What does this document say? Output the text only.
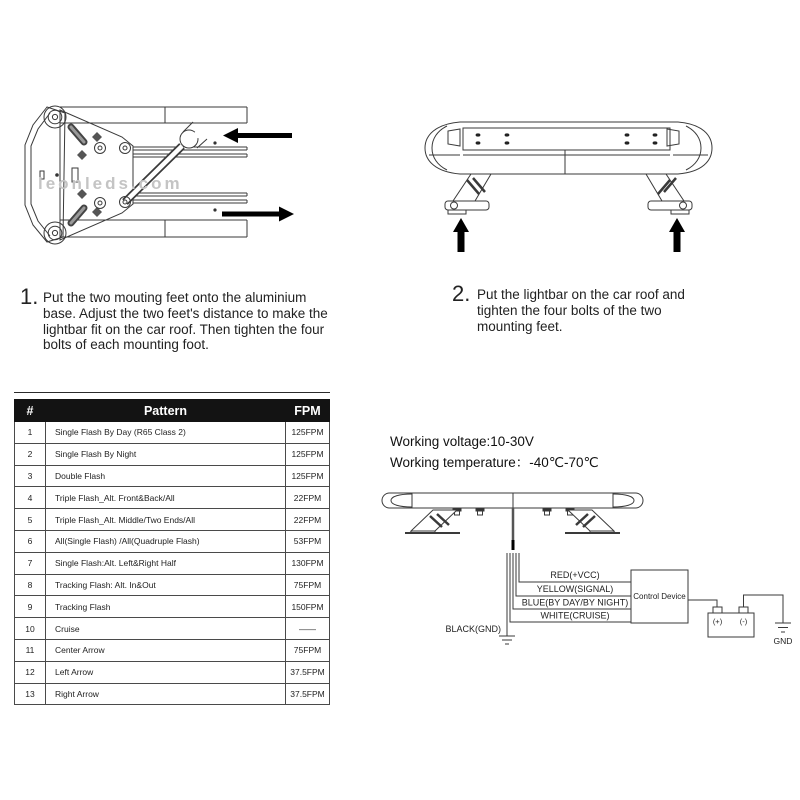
leonleds.com
1. Put the two mouting feet onto the aluminium
base. Adjust the two feet's distance to make the
lightbar fit on the car roof. Then tighten the four
bolts of each mounting foot.
2. Put the lightbar on the car roof and
tighten the four bolts of the two
mounting feet.
#	Pattern	FPM
1	Single Flash By Day (R65 Class 2)	125FPM
2	Single Flash By Night	125FPM
3	Double Flash	125FPM
4	Triple Flash_Alt. Front&Back/All	22FPM
5	Triple Flash_Alt. Middle/Two Ends/All	22FPM
6	All(Single Flash) /All(Quadruple Flash)	53FPM
7	Single Flash:Alt. Left&Right Half	130FPM
8	Tracking Flash: Alt. In&Out	75FPM
9	Tracking Flash	150FPM
10	Cruise	——
11	Center Arrow	75FPM
12	Left Arrow	37.5FPM
13	Right Arrow	37.5FPM
Working voltage:10-30V
Working temperature：-40℃-70℃
RED(+VCC)
YELLOW(SIGNAL)
BLUE(BY DAY/BY NIGHT)
WHITE(CRUISE)
BLACK(GND)
Control Device
(+) (-)
GND
